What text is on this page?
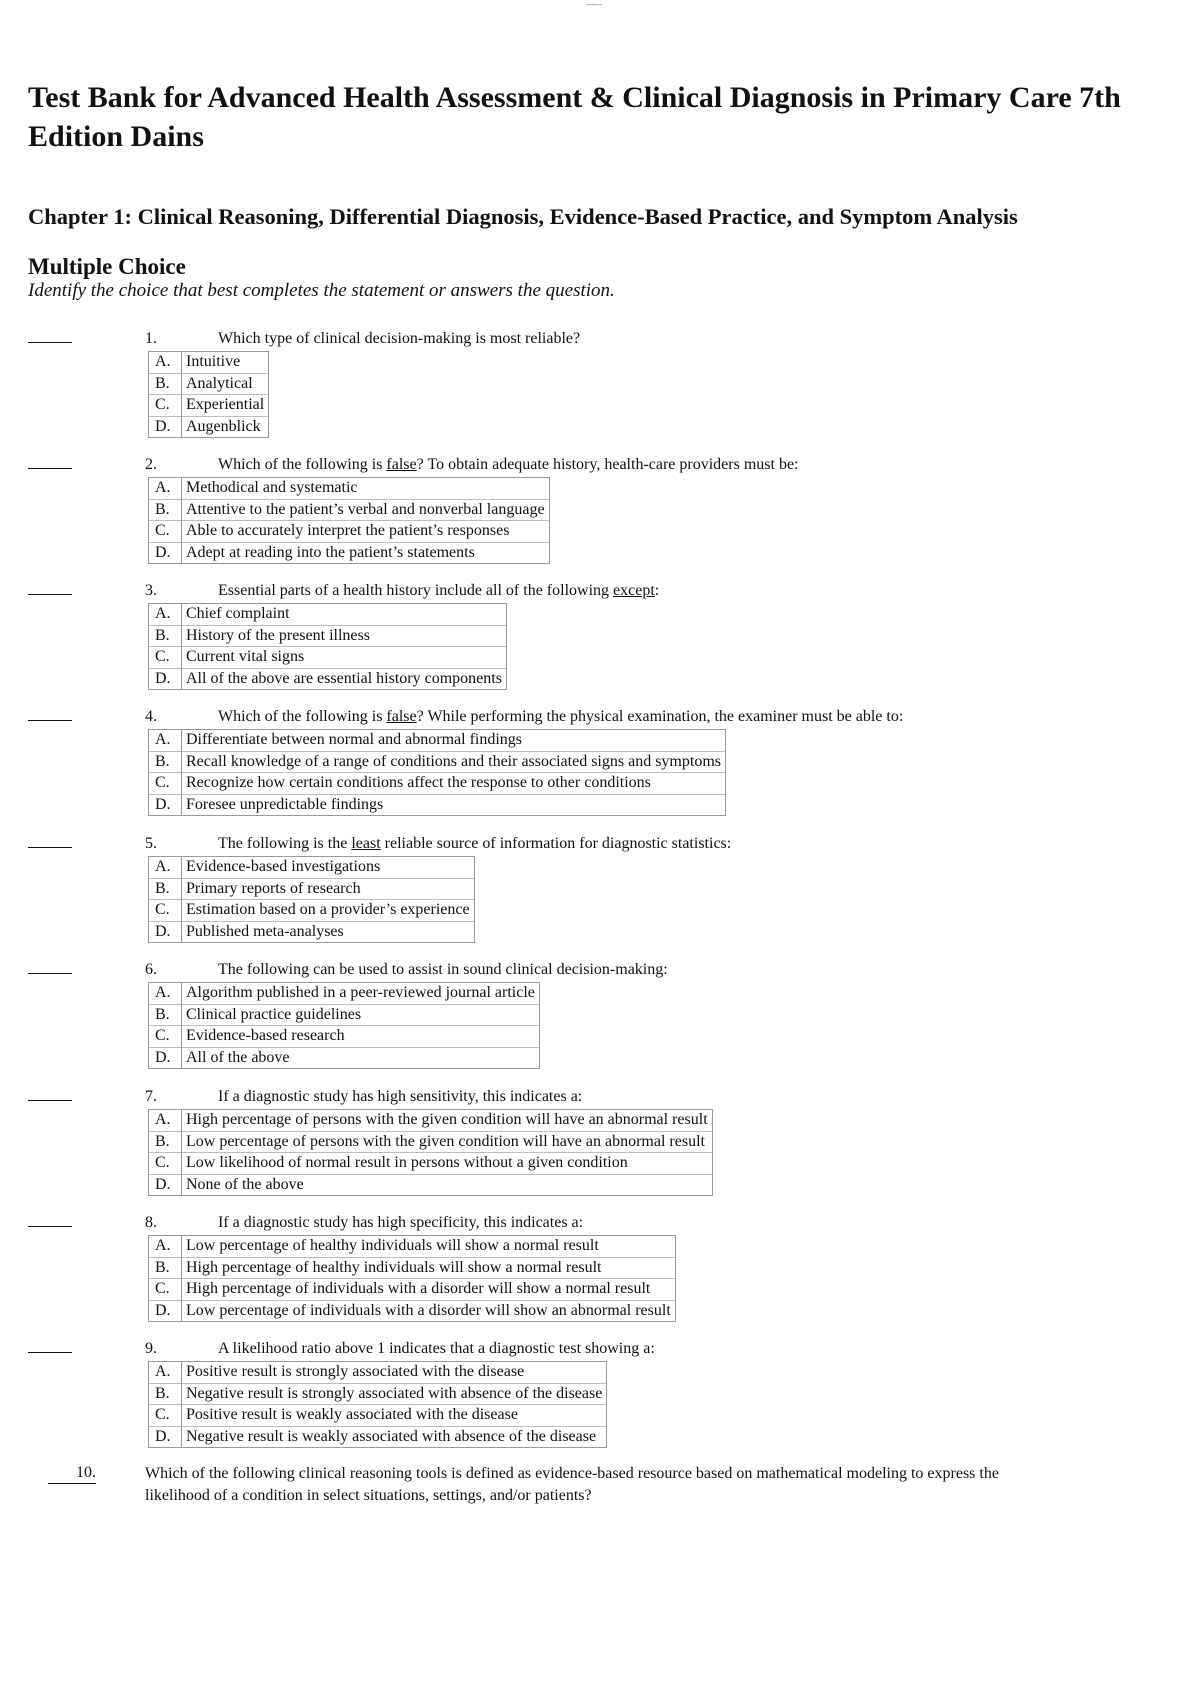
------
Test Bank for Advanced Health Assessment & Clinical Diagnosis in Primary Care 7th Edition Dains
Chapter 1: Clinical Reasoning, Differential Diagnosis, Evidence-Based Practice, and Symptom Analysis
Multiple Choice

Identify the choice that best completes the statement or answers the question.

1.	Which type of clinical decision-making is most reliable?
A.	Intuitive
B.	Analytical
C.	Experiential
D.	Augenblick
2.	Which of the following is false? To obtain adequate history, health-care providers must be:
A.	Methodical and systematic
B.	Attentive to the patient’s verbal and nonverbal language
C.	Able to accurately interpret the patient’s responses
D.	Adept at reading into the patient’s statements
3.	Essential parts of a health history include all of the following except:
A.	Chief complaint
B.	History of the present illness
C.	Current vital signs
D.	All of the above are essential history components
4.	Which of the following is false? While performing the physical examination, the examiner must be able to:
A.	Differentiate between normal and abnormal findings
B.	Recall knowledge of a range of conditions and their associated signs and symptoms
C.	Recognize how certain conditions affect the response to other conditions
D.	Foresee unpredictable findings
5.	The following is the least reliable source of information for diagnostic statistics:
A.	Evidence-based investigations
B.	Primary reports of research
C.	Estimation based on a provider’s experience
D.	Published meta-analyses
6.	The following can be used to assist in sound clinical decision-making:
A.	Algorithm published in a peer-reviewed journal article
B.	Clinical practice guidelines
C.	Evidence-based research
D.	All of the above
7.	If a diagnostic study has high sensitivity, this indicates a:
A.	High percentage of persons with the given condition will have an abnormal result
B.	Low percentage of persons with the given condition will have an abnormal result
C.	Low likelihood of normal result in persons without a given condition
D.	None of the above
8.	If a diagnostic study has high specificity, this indicates a:
A.	Low percentage of healthy individuals will show a normal result
B.	High percentage of healthy individuals will show a normal result
C.	High percentage of individuals with a disorder will show a normal result
D.	Low percentage of individuals with a disorder will show an abnormal result
9.	A likelihood ratio above 1 indicates that a diagnostic test showing a:
A.	Positive result is strongly associated with the disease
B.	Negative result is strongly associated with absence of the disease
C.	Positive result is weakly associated with the disease
D.	Negative result is weakly associated with absence of the disease
10.	Which of the following clinical reasoning tools is defined as evidence-based resource based on mathematical modeling to express the likelihood of a condition in select situations, settings, and/or patients?
